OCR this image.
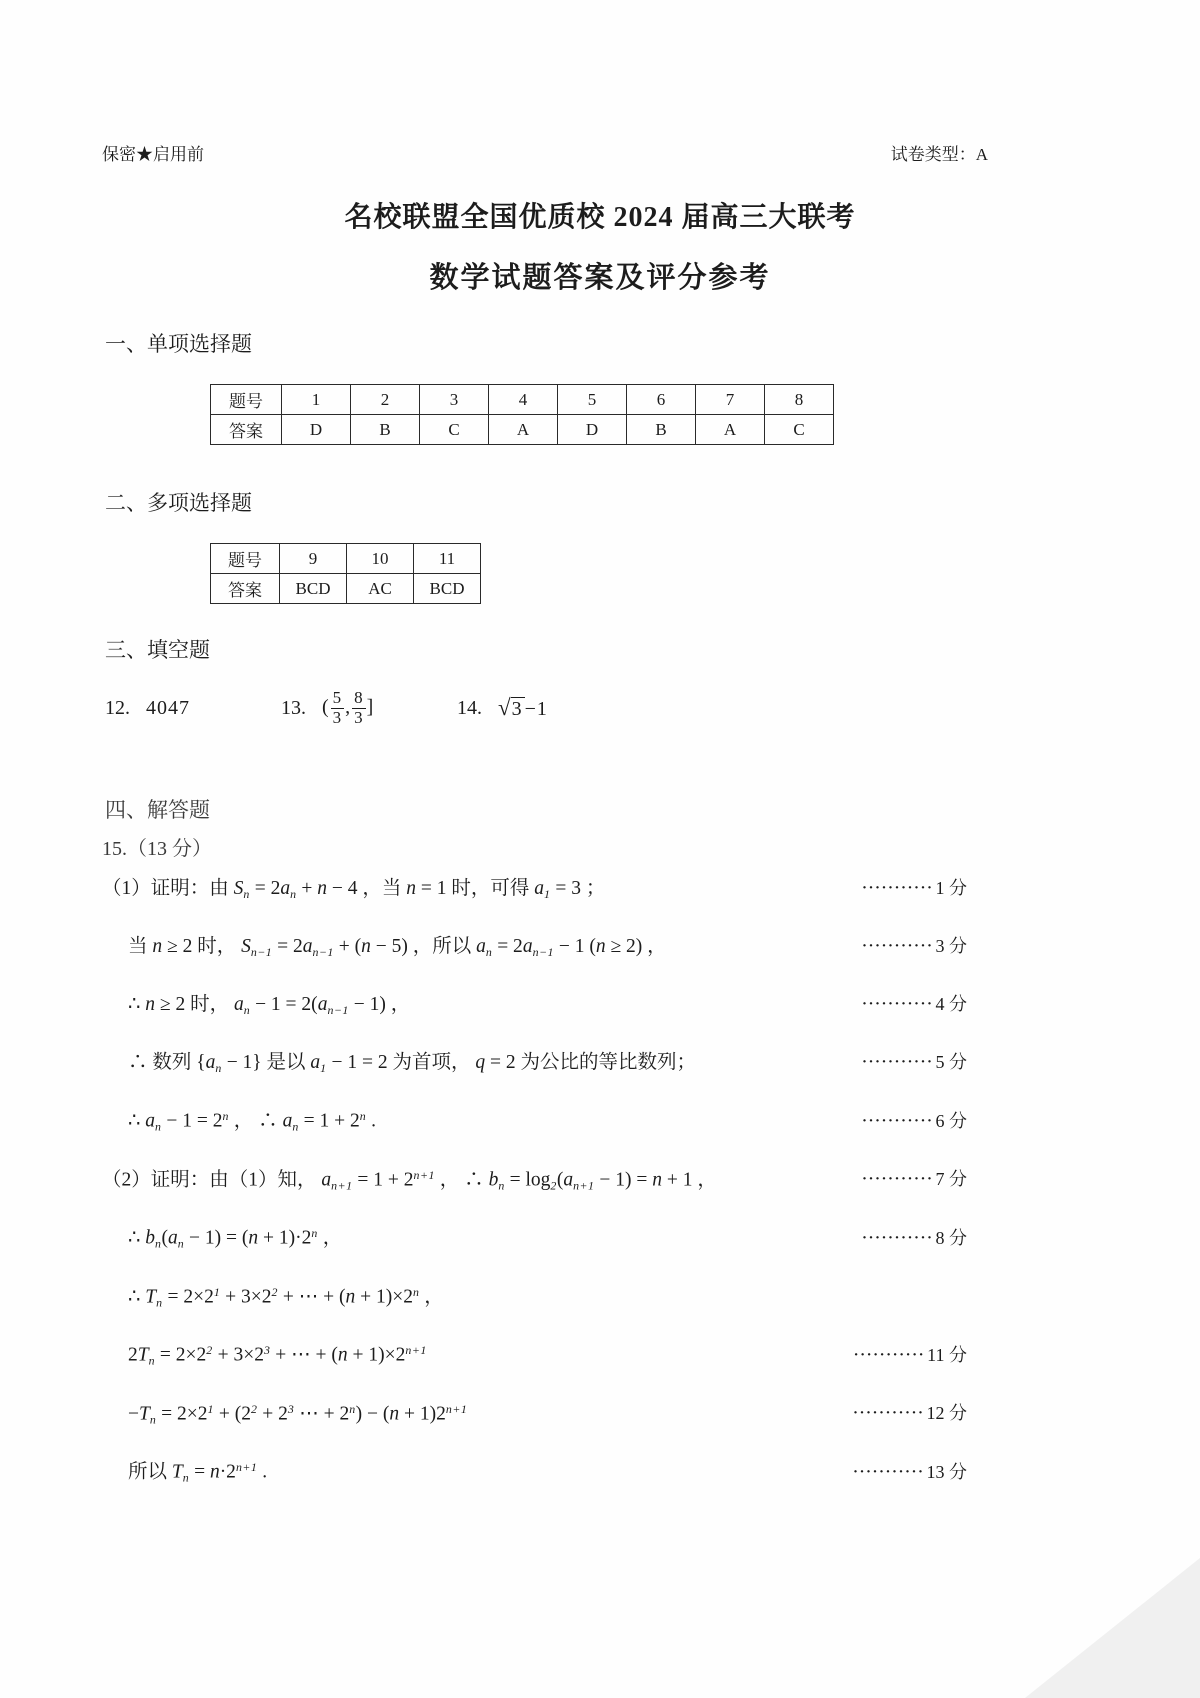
保密★启用前	试卷类型：A
名校联盟全国优质校 2024 届高三大联考
数学试题答案及评分参考
一、单项选择题
题号	1	2	3	4	5	6	7	8
答案	D	B	C	A	D	B	A	C
二、多项选择题
题号	9	10	11
答案	BCD	AC	BCD
三、填空题
12. 4047	13. ( $\frac{5}{3}$ , $\frac{8}{3}$ ]	14. √3 −1
四、解答题
15.（13 分）
（1）证明：由 $S_n = 2a_n + n - 4$ ，当 n = 1 时，可得 $a_1 = 3$ ；	··········· 1 分
当 n ≥ 2 时， $S_{n-1} = 2a_{n-1} + (n - 5)$ ，所以 $a_n = 2a_{n-1} - 1$ (n ≥ 2) ，	··········· 3 分
∴ n ≥ 2 时， $a_n - 1 = 2(a_{n-1} - 1)$ ，	··········· 4 分
∴ 数列 $\{a_n - 1\}$ 是以 $a_1 - 1 = 2$ 为首项， q = 2 为公比的等比数列；	··········· 5 分
∴ $a_n - 1 = 2^n$ ， ∴ $a_n = 1 + 2^n$ .	··········· 6 分
（2）证明：由（1）知， $a_{n+1} = 1 + 2^{n+1}$ ， ∴ $b_n = \log_2(a_{n+1} - 1) = n + 1$ ，	··········· 7 分
∴ $b_n(a_n - 1) = (n + 1)\cdot 2^n$ ，	··········· 8 分
∴ $T_n = 2\times 2^1 + 3\times 2^2$ + ⋯ + $(n + 1)\times 2^n$ ，
$2T_n = 2\times 2^2 + 3\times 2^3$ + ⋯ + $(n + 1)\times 2^{n+1}$	··········· 11 分
$-T_n = 2\times 2^1 + (2^2 + 2^3$ ⋯ + $2^n) - (n + 1)2^{n+1}$	··········· 12 分
所以 $T_n = n\cdot 2^{n+1}$ .	··········· 13 分
